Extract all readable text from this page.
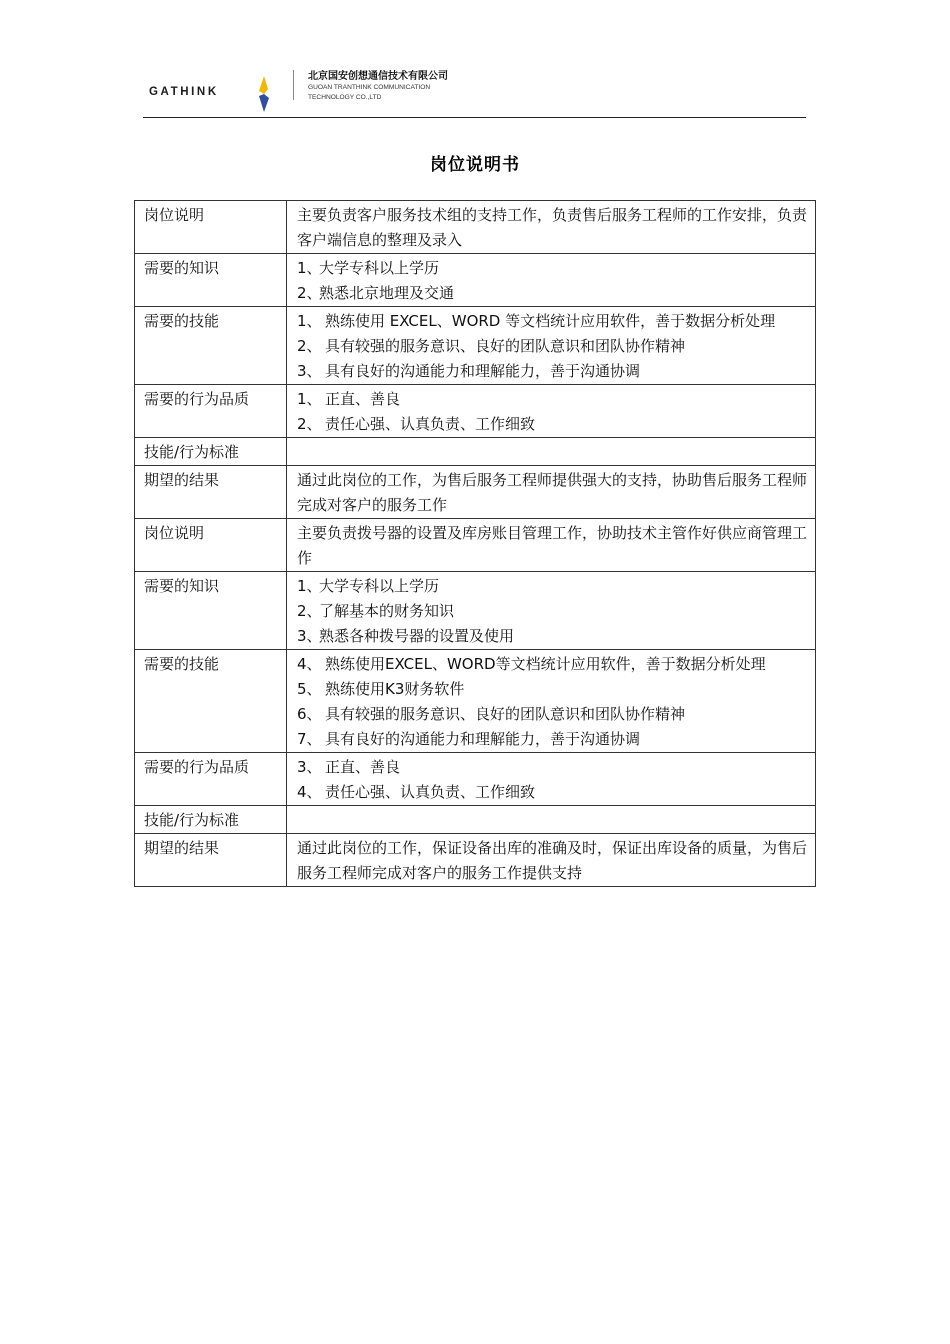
GATHINK
北京国安创想通信技术有限公司
GUOAN TRANTHINK COMMUNICATION
TECHNOLOGY CO.,LTD
岗位说明书
岗位说明	主要负责客户服务技术组的支持工作，负责售后服务工程师的工作安排，负责客户端信息的整理及录入

需要的知识	1、大学专科以上学历
2、熟悉北京地理及交通

需要的技能	1、 熟练使用 EXCEL、WORD 等文档统计应用软件，善于数据分析处理
2、 具有较强的服务意识、良好的团队意识和团队协作精神
3、 具有良好的沟通能力和理解能力，善于沟通协调

需要的行为品质	1、 正直、善良
2、 责任心强、认真负责、工作细致

技能/行为标准	
期望的结果	通过此岗位的工作，为售后服务工程师提供强大的支持，协助售后服务工程师完成对客户的服务工作

岗位说明	主要负责拨号器的设置及库房账目管理工作，协助技术主管作好供应商管理工作

需要的知识	1、大学专科以上学历
2、了解基本的财务知识
3、熟悉各种拨号器的设置及使用

需要的技能	4、 熟练使用EXCEL、WORD等文档统计应用软件，善于数据分析处理
5、 熟练使用K3财务软件
6、 具有较强的服务意识、良好的团队意识和团队协作精神
7、 具有良好的沟通能力和理解能力，善于沟通协调

需要的行为品质	3、 正直、善良
4、 责任心强、认真负责、工作细致

技能/行为标准	
期望的结果	通过此岗位的工作，保证设备出库的准确及时，保证出库设备的质量，为售后服务工程师完成对客户的服务工作提供支持
